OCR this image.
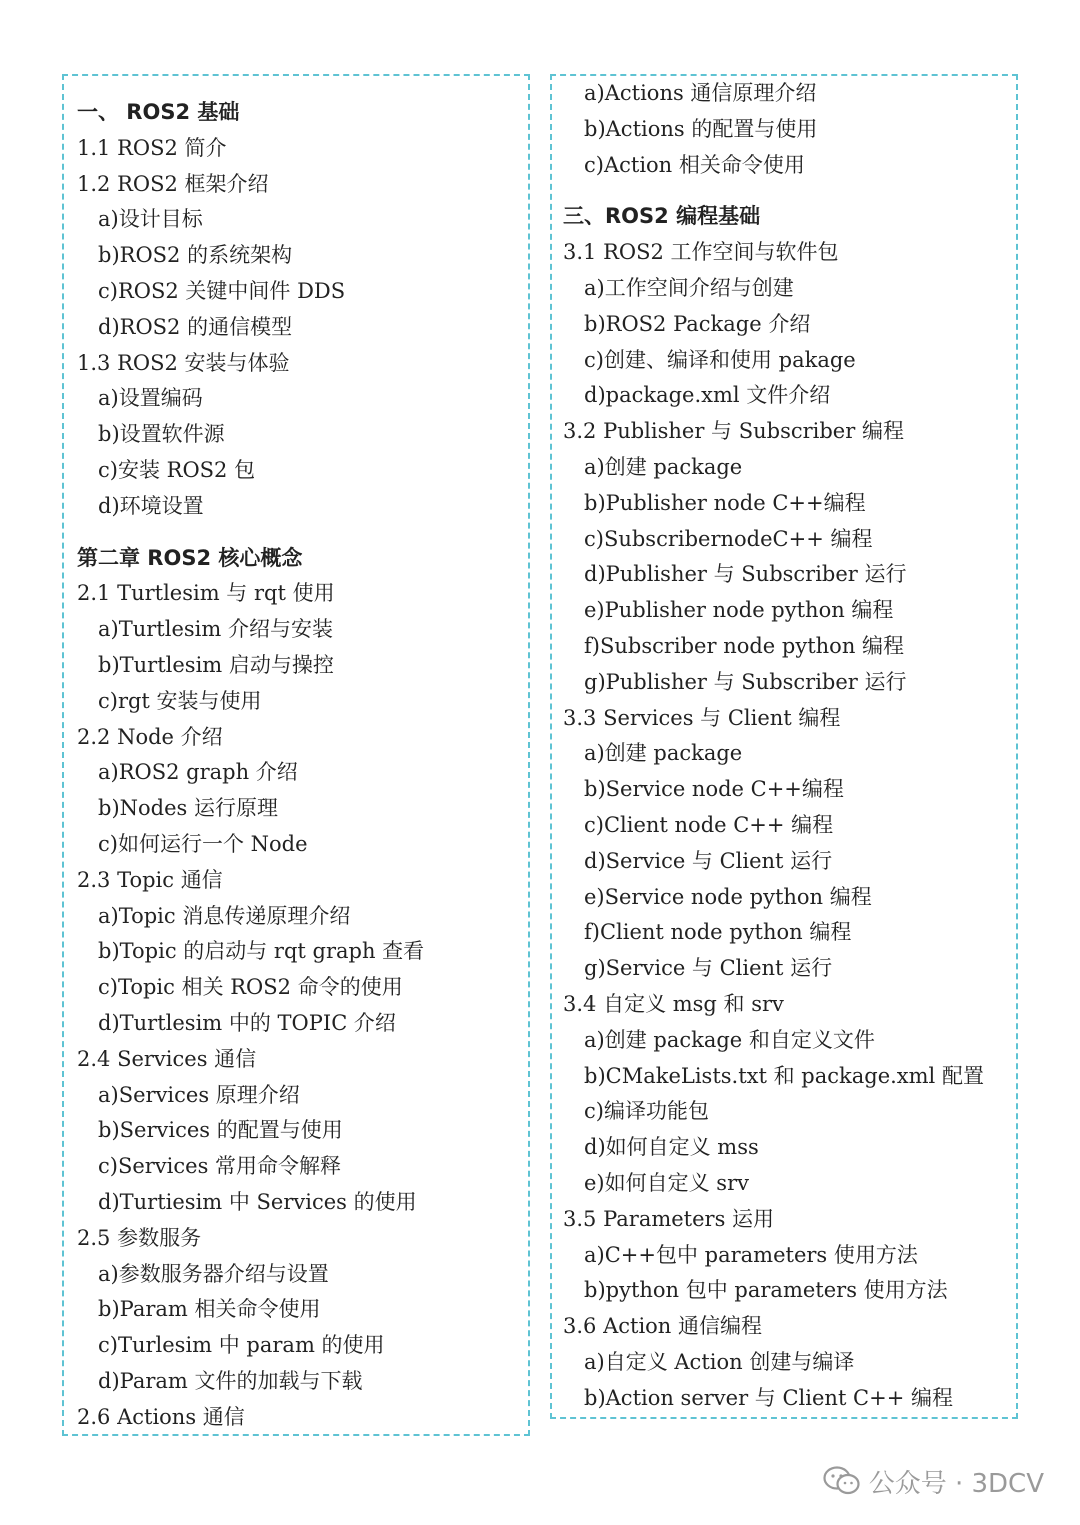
一、 ROS2 基础
1.1 ROS2 简介
1.2 ROS2 框架介绍
a)设计目标
b)ROS2 的系统架构
c)ROS2 关键中间件 DDS
d)ROS2 的通信模型
1.3 ROS2 安装与体验
a)设置编码
b)设置软件源
c)安装 ROS2 包
d)环境设置
第二章 ROS2 核心概念
2.1 Turtlesim 与 rqt 使用
a)Turtlesim 介绍与安装
b)Turtlesim 启动与操控
c)rgt 安装与使用
2.2 Node 介绍
a)ROS2 graph 介绍
b)Nodes 运行原理
c)如何运行一个 Node
2.3 Topic 通信
a)Topic 消息传递原理介绍
b)Topic 的启动与 rqt graph 查看
c)Topic 相关 ROS2 命令的使用
d)Turtlesim 中的 TOPIC 介绍
2.4 Services 通信
a)Services 原理介绍
b)Services 的配置与使用
c)Services 常用命令解释
d)Turtiesim 中 Services 的使用
2.5 参数服务
a)参数服务器介绍与设置
b)Param 相关命令使用
c)Turlesim 中 param 的使用
d)Param 文件的加载与下载
2.6 Actions 通信
a)Actions 通信原理介绍
b)Actions 的配置与使用
c)Action 相关命令使用
三、ROS2 编程基础
3.1 ROS2 工作空间与软件包
a)工作空间介绍与创建
b)ROS2 Package 介绍
c)创建、编译和使用 pakage
d)package.xml 文件介绍
3.2 Publisher 与 Subscriber 编程
a)创建 package
b)Publisher node C++编程
c)SubscribernodeC++ 编程
d)Publisher 与 Subscriber 运行
e)Publisher node python 编程
f)Subscriber node python 编程
g)Publisher 与 Subscriber 运行
3.3 Services 与 Client 编程
a)创建 package
b)Service node C++编程
c)Client node C++ 编程
d)Service 与 Client 运行
e)Service node python 编程
f)Client node python 编程
g)Service 与 Client 运行
3.4 自定义 msg 和 srv
a)创建 package 和自定义文件
b)CMakeLists.txt 和 package.xml 配置
c)编译功能包
d)如何自定义 mss
e)如何自定义 srv
3.5 Parameters 运用
a)C++包中 parameters 使用方法
b)python 包中 parameters 使用方法
3.6 Action 通信编程
a)自定义 Action 创建与编译
b)Action server 与 Client C++ 编程
公众号 · 3DCV
